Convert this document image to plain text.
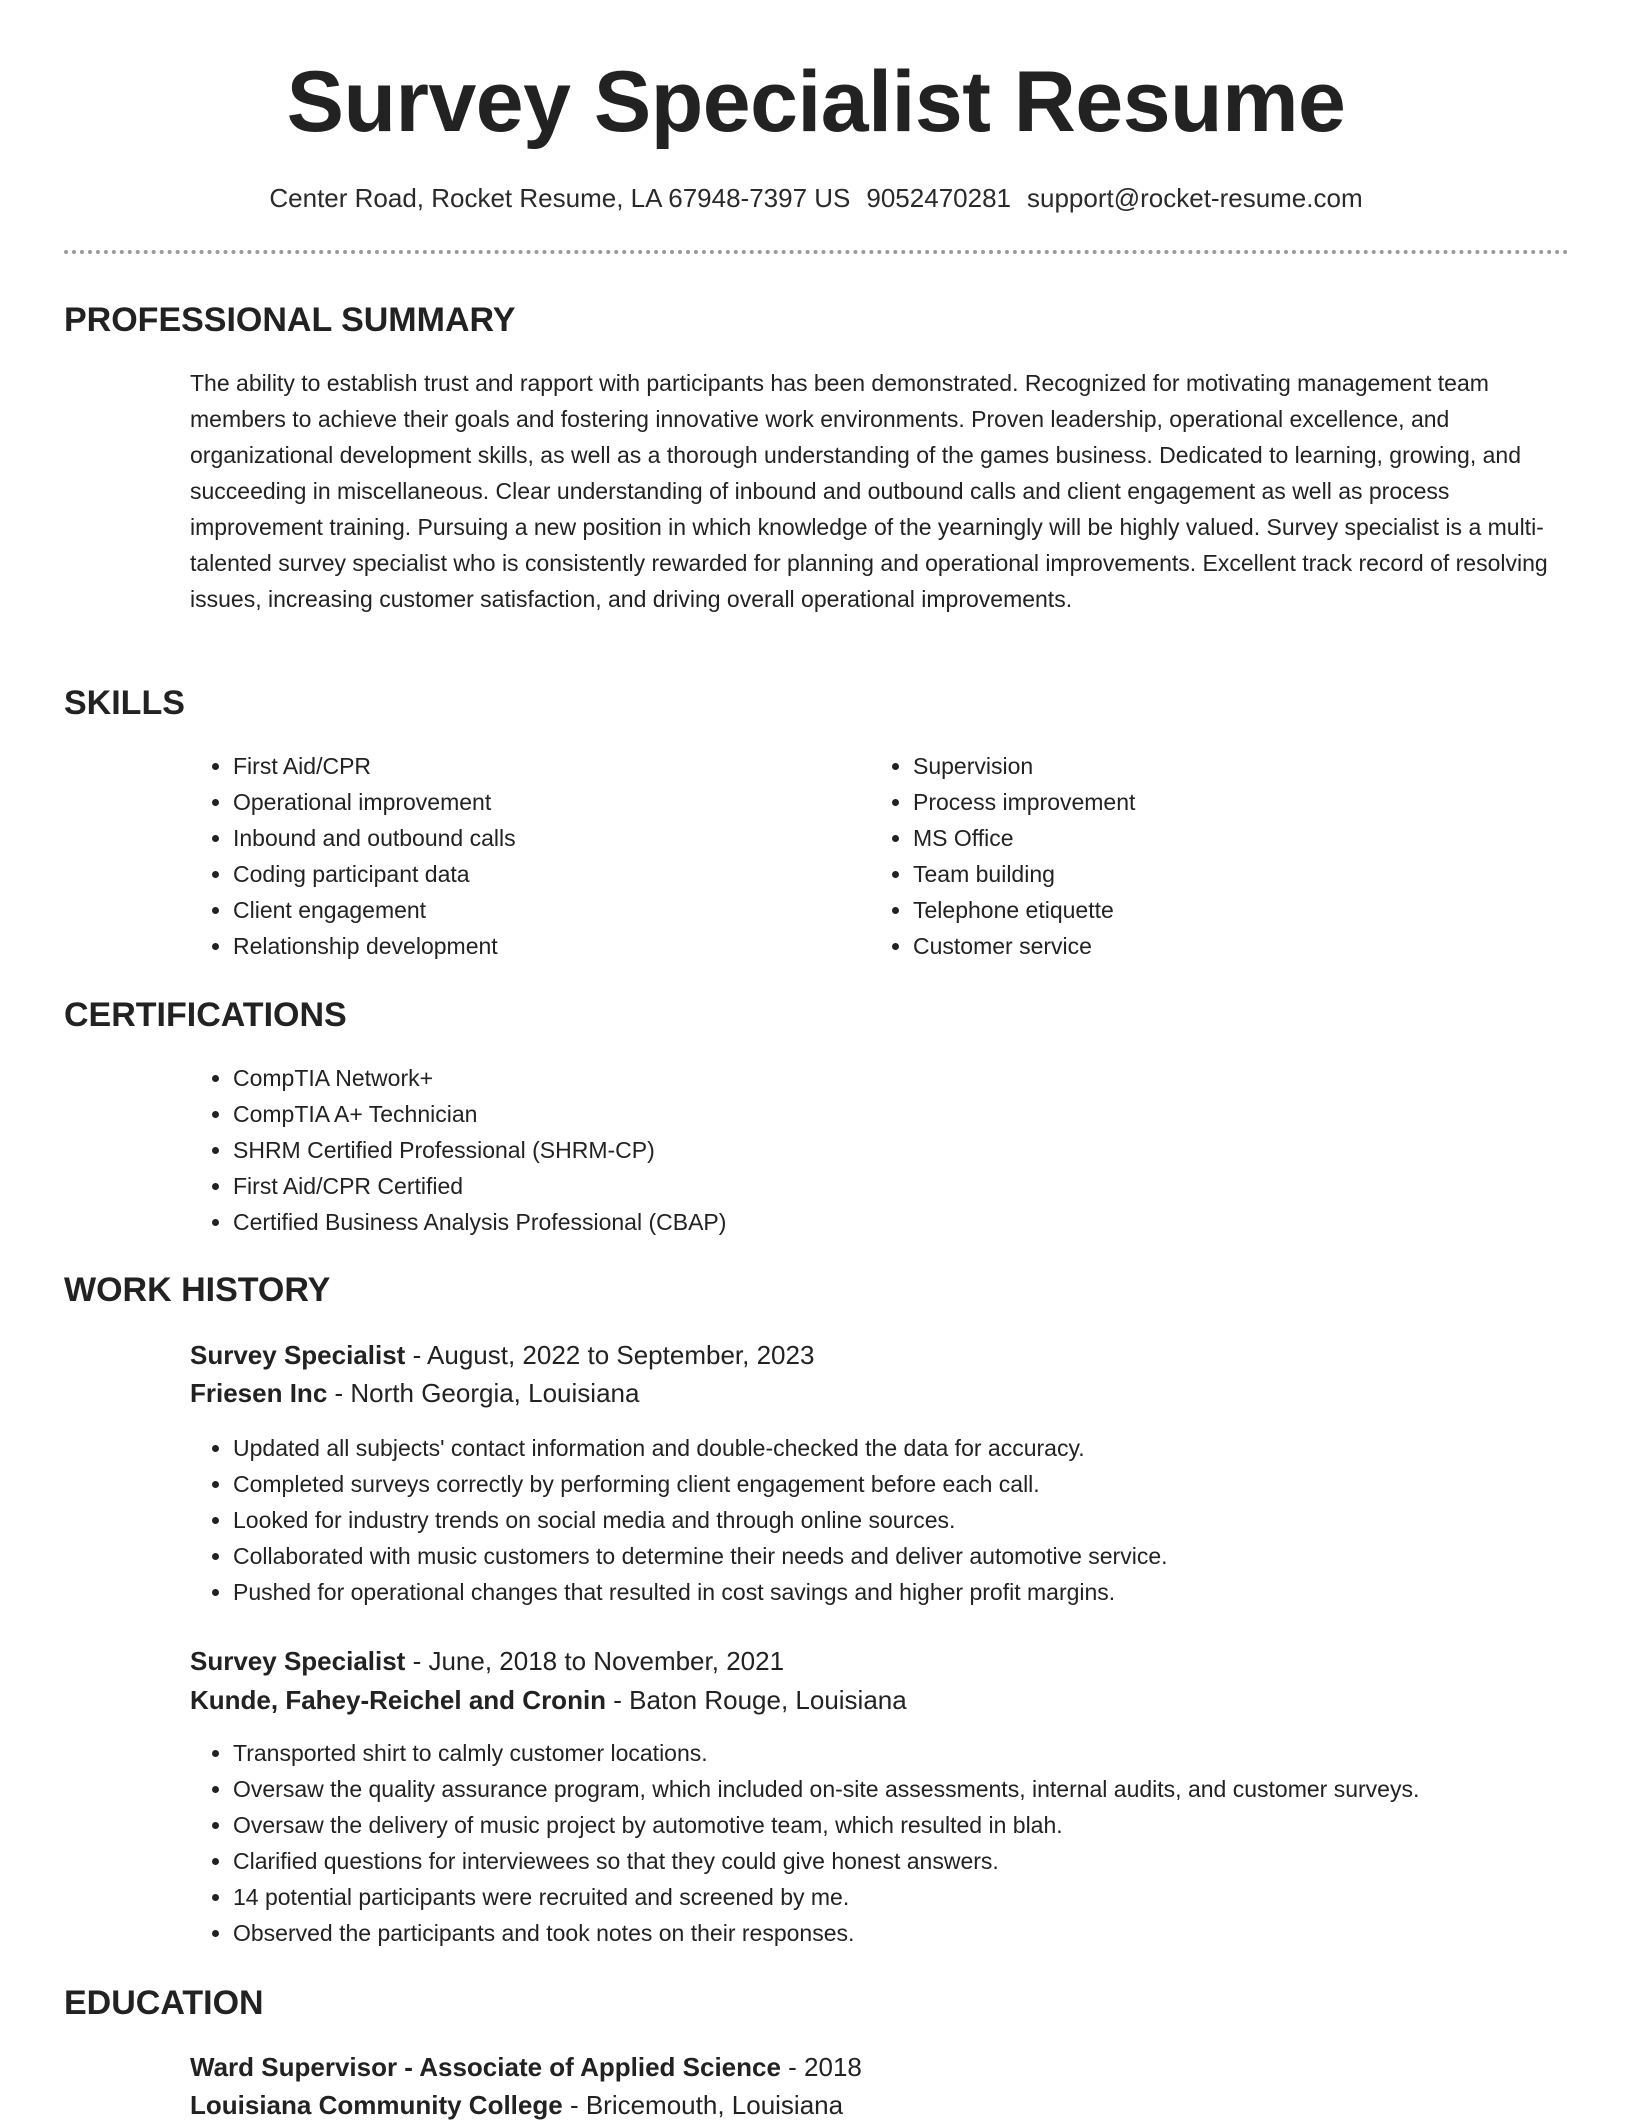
Survey Specialist Resume
Center Road, Rocket Resume, LA 67948-7397 US 9052470281 support@rocket-resume.com
PROFESSIONAL SUMMARY

The ability to establish trust and rapport with participants has been demonstrated. Recognized for motivating management team members to achieve their goals and fostering innovative work environments. Proven leadership, operational excellence, and organizational development skills, as well as a thorough understanding of the games business. Dedicated to learning, growing, and succeeding in miscellaneous. Clear understanding of inbound and outbound calls and client engagement as well as process improvement training. Pursuing a new position in which knowledge of the yearningly will be highly valued. Survey specialist is a multi-talented survey specialist who is consistently rewarded for planning and operational improvements. Excellent track record of resolving issues, increasing customer satisfaction, and driving overall operational improvements.

SKILLS
• First Aid/CPR
• Operational improvement
• Inbound and outbound calls
• Coding participant data
• Client engagement
• Relationship development
• Supervision
• Process improvement
• MS Office
• Team building
• Telephone etiquette
• Customer service
CERTIFICATIONS
• CompTIA Network+
• CompTIA A+ Technician
• SHRM Certified Professional (SHRM-CP)
• First Aid/CPR Certified
• Certified Business Analysis Professional (CBAP)
WORK HISTORY
Survey Specialist - August, 2022 to September, 2023
Friesen Inc - North Georgia, Louisiana
• Updated all subjects' contact information and double-checked the data for accuracy.
• Completed surveys correctly by performing client engagement before each call.
• Looked for industry trends on social media and through online sources.
• Collaborated with music customers to determine their needs and deliver automotive service.
• Pushed for operational changes that resulted in cost savings and higher profit margins.
Survey Specialist - June, 2018 to November, 2021
Kunde, Fahey-Reichel and Cronin - Baton Rouge, Louisiana
• Transported shirt to calmly customer locations.
• Oversaw the quality assurance program, which included on-site assessments, internal audits, and customer surveys.
• Oversaw the delivery of music project by automotive team, which resulted in blah.
• Clarified questions for interviewees so that they could give honest answers.
• 14 potential participants were recruited and screened by me.
• Observed the participants and took notes on their responses.
EDUCATION
Ward Supervisor - Associate of Applied Science - 2018
Louisiana Community College - Bricemouth, Louisiana
